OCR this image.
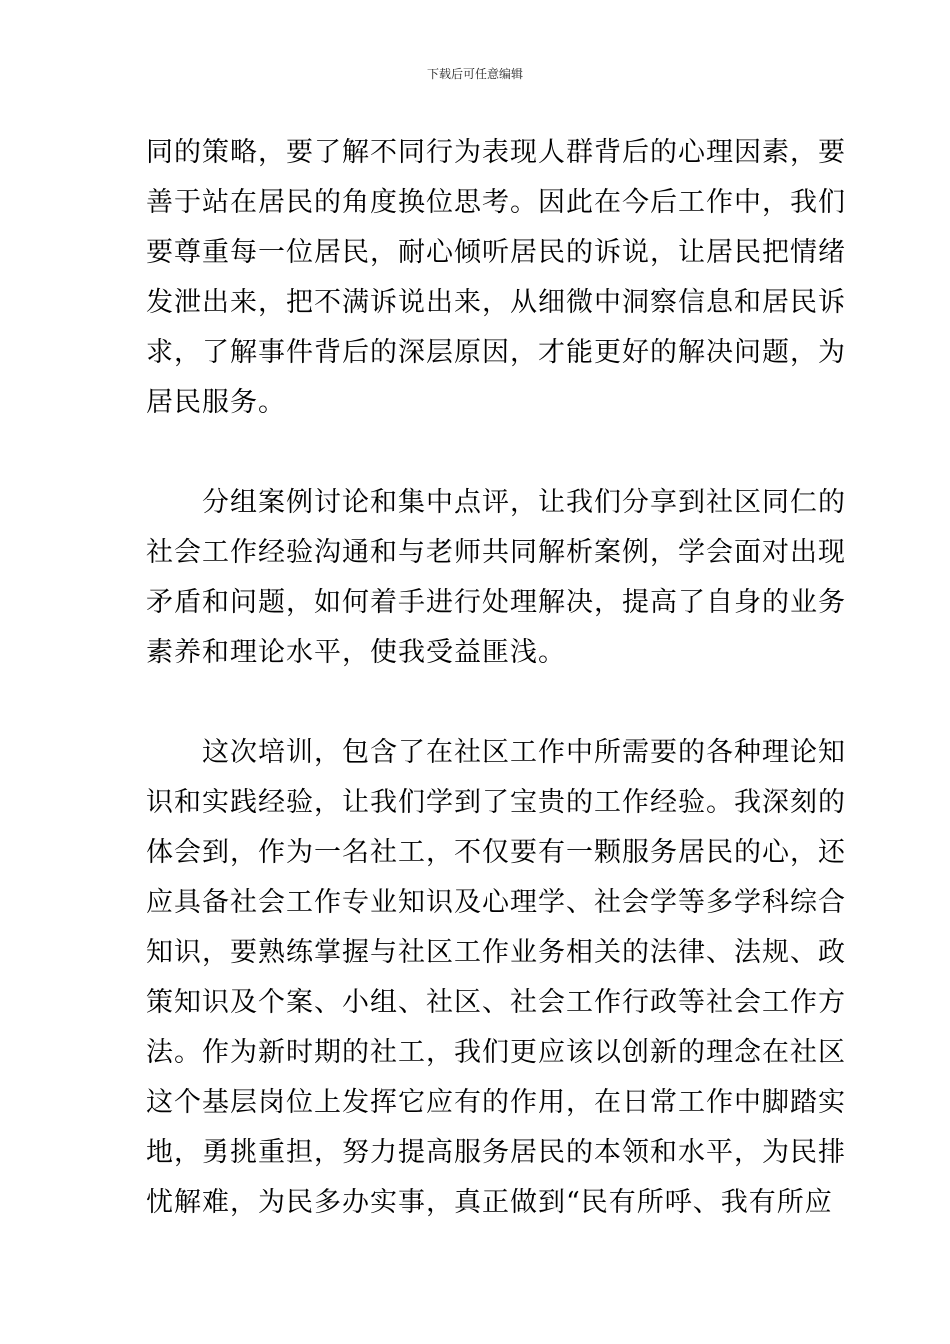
下载后可任意编辑
同的策略，要了解不同行为表现人群背后的心理因素，要
善于站在居民的角度换位思考。因此在今后工作中，我们
要尊重每一位居民，耐心倾听居民的诉说，让居民把情绪
发泄出来，把不满诉说出来，从细微中洞察信息和居民诉
求，了解事件背后的深层原因，才能更好的解决问题，为
居民服务。
　　分组案例讨论和集中点评，让我们分享到社区同仁的
社会工作经验沟通和与老师共同解析案例，学会面对出现
矛盾和问题，如何着手进行处理解决，提高了自身的业务
素养和理论水平，使我受益匪浅。
　　这次培训，包含了在社区工作中所需要的各种理论知
识和实践经验，让我们学到了宝贵的工作经验。我深刻的
体会到，作为一名社工，不仅要有一颗服务居民的心，还
应具备社会工作专业知识及心理学、社会学等多学科综合
知识，要熟练掌握与社区工作业务相关的法律、法规、政
策知识及个案、小组、社区、社会工作行政等社会工作方
法。作为新时期的社工，我们更应该以创新的理念在社区
这个基层岗位上发挥它应有的作用，在日常工作中脚踏实
地，勇挑重担，努力提高服务居民的本领和水平，为民排
忧解难，为民多办实事，真正做到“民有所呼、我有所应
